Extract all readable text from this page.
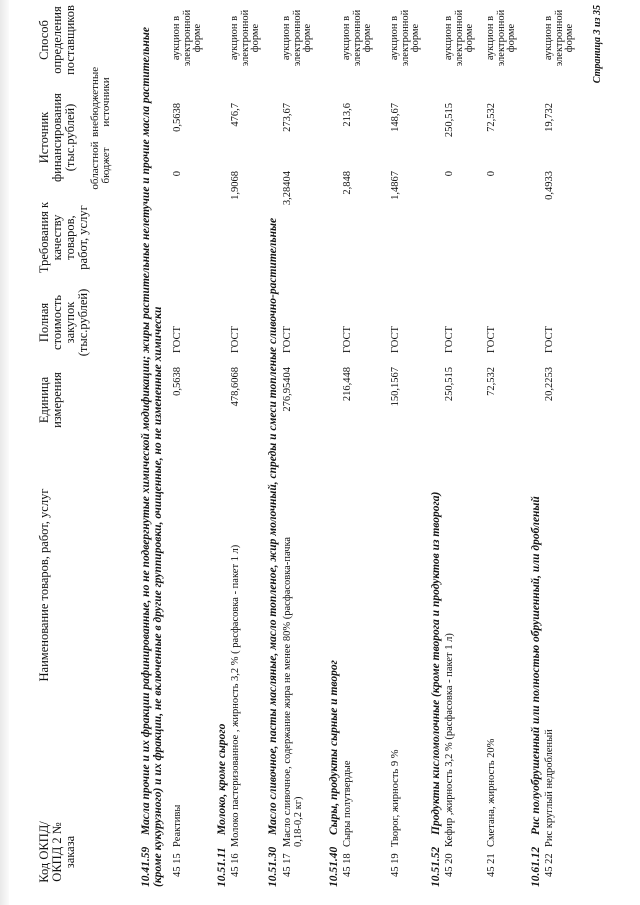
Код ОКПД/ ОКПД 2 № заказа
Наименование товаров, работ, услуг
Единица измерения
Полная стоимость закупок (тыс.рублей)
Требования к качеству товаров, работ, услуг
Источник финансирования (тыс.рублей) областной бюджет
внебюджетные источники
Способ определения поставщиков
10.41.59Масла прочие и их фракции рафинированные, но не подвергнутые химической модификации; жиры растительные нелетучие и прочие масла растительные (кроме кукурузного) и их фракции, не включенные в другие группировки, очищенные, но не измененные химически 45 15
Реактивы
0,5638
ГОСТ
0
0,5638
аукцион в электронной форме
10.51.11Молоко, кроме сырого
45 16
Молоко пастеризованное , жирность 3,2 % ( расфасовка - пакет 1 л)
478,6068
ГОСТ
1,9068
476,7
аукцион в электронной форме
10.51.30Масло сливочное, пасты масляные, масло топленое, жир молочный, спреды и смеси топленые сливочно-растительные
45 17
Масло сливочное, содержание жира не менее 80% (расфасовка-пачка 0,18-0,2 кг)
276,95404
ГОСТ
3,28404
273,67
аукцион в электронной форме
10.51.40Сыры, продукты сырные и творог
45 18
Сыры полутвердые
216,448
ГОСТ
2,848
213,6
аукцион в электронной форме
45 19
Творог, жирность 9 %
150,1567
ГОСТ
1,4867
148,67
аукцион в электронной форме
10.51.52Продукты кисломолочные (кроме творога и продуктов из творога)
45 20
Кефир ,жирность 3,2 % (расфасовка - пакет 1 л)
250,515
ГОСТ
0
250,515
аукцион в электронной форме
45 21
Сметана, жирность 20%
72,532
ГОСТ
0
72,532
аукцион в электронной форме
10.61.12Рис полуобрушенный или полностью обрушенный, или дробленый
45 22
Рис круглый недробленый
20,2253
ГОСТ
0,4933
19,732
аукцион в электронной форме Страница 3 из 35
